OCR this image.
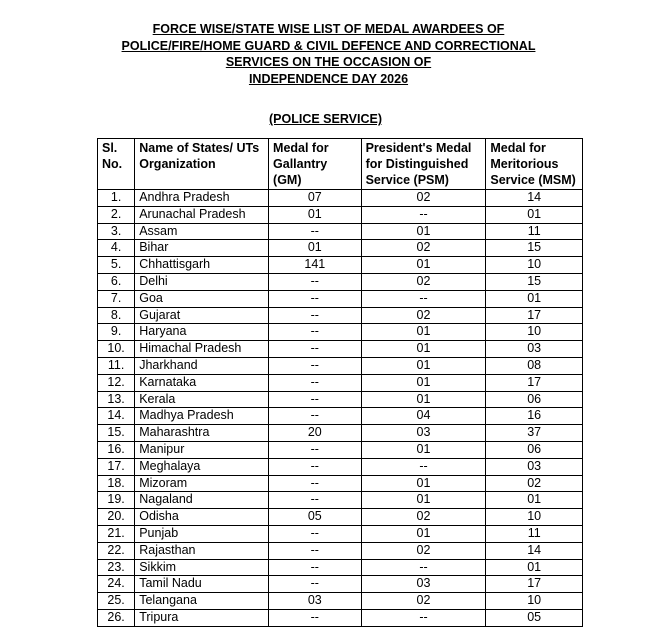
FORCE WISE/STATE WISE LIST OF MEDAL AWARDEES OF
POLICE/FIRE/HOME GUARD & CIVIL DEFENCE AND CORRECTIONAL
SERVICES ON THE OCCASION OF
INDEPENDENCE DAY 2026
(POLICE SERVICE)
Sl. No.	Name of States/ UTs Organization	Medal for Gallantry (GM)	President's Medal for Distinguished Service (PSM)	Medal for Meritorious Service (MSM)
1.	Andhra Pradesh	07	02	14
2.	Arunachal Pradesh	01	--	01
3.	Assam	--	01	11
4.	Bihar	01	02	15
5.	Chhattisgarh	141	01	10
6.	Delhi	--	02	15
7.	Goa	--	--	01
8.	Gujarat	--	02	17
9.	Haryana	--	01	10
10.	Himachal Pradesh	--	01	03
11.	Jharkhand	--	01	08
12.	Karnataka	--	01	17
13.	Kerala	--	01	06
14.	Madhya Pradesh	--	04	16
15.	Maharashtra	20	03	37
16.	Manipur	--	01	06
17.	Meghalaya	--	--	03
18.	Mizoram	--	01	02
19.	Nagaland	--	01	01
20.	Odisha	05	02	10
21.	Punjab	--	01	11
22.	Rajasthan	--	02	14
23.	Sikkim	--	--	01
24.	Tamil Nadu	--	03	17
25.	Telangana	03	02	10
26.	Tripura	--	--	05
